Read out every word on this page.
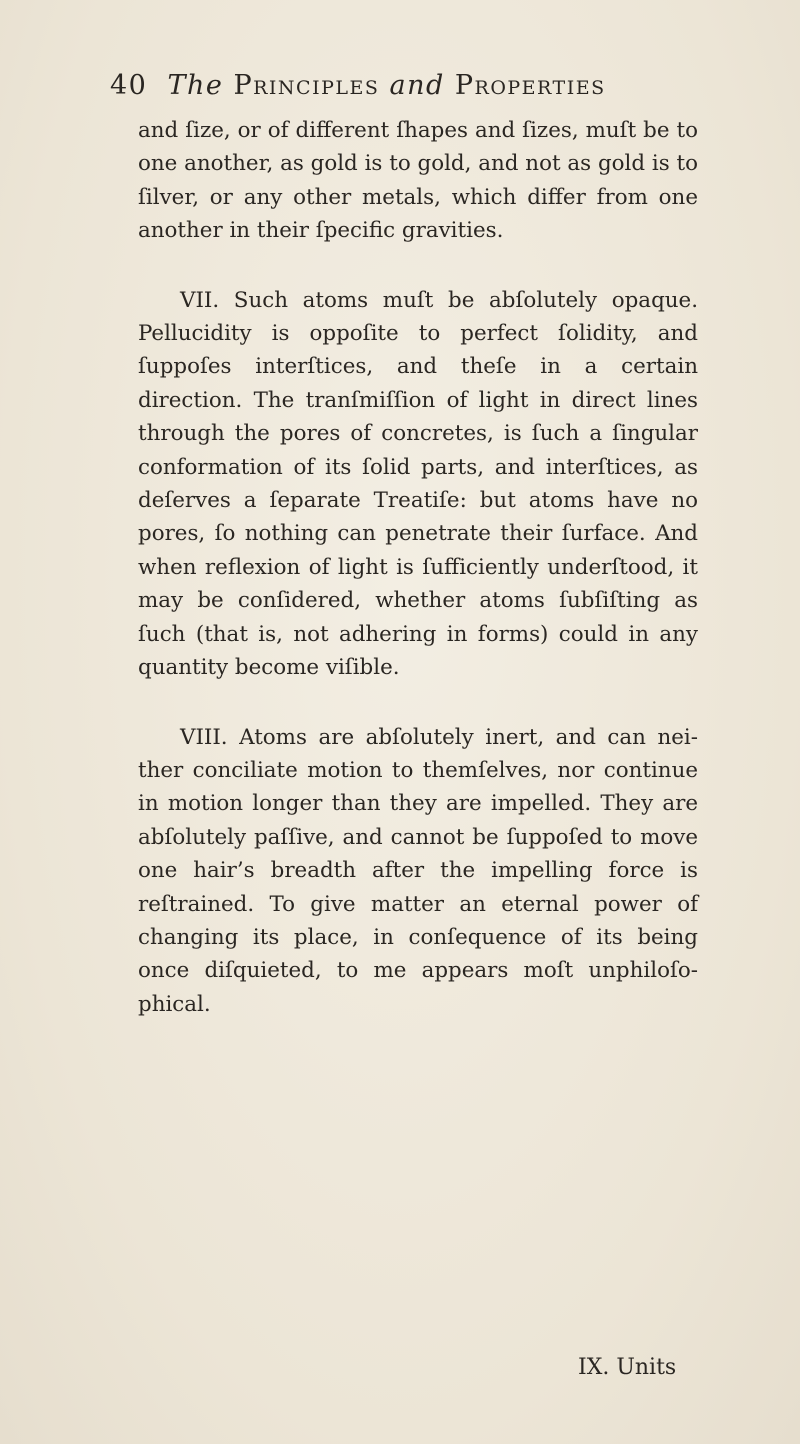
40 The Principles and Properties

and ſize, or of different ſhapes and ſizes, muſt be to one another, as gold is to gold, and not as gold is to ſilver, or any other metals, which differ from one another in their ſpecific gravities.

VII. Such atoms muſt be abſolutely opaque. Pellucidity is oppoſite to perfect ſolidity, and ſuppoſes interſtices, and theſe in a certain direction. The tranſmiſſion of light in direct lines through the pores of concretes, is ſuch a ſingular conformation of its ſolid parts, and interſtices, as deſerves a ſeparate Treatiſe: but atoms have no pores, ſo nothing can penetrate their ſurface. And when reflexion of light is ſufficiently underſtood, it may be conſidered, whether atoms ſubſiſting as ſuch (that is, not adhering in forms) could in any quantity become viſible.

VIII. Atoms are abſolutely inert, and can neither conciliate motion to themſelves, nor continue in motion longer than they are impelled. They are abſolutely paſſive, and cannot be ſuppoſed to move one hair’s breadth after the impelling force is reſtrained. To give matter an eternal power of changing its place, in conſequence of its being once diſquieted, to me appears moſt unphiloſophical.

IX. Units
